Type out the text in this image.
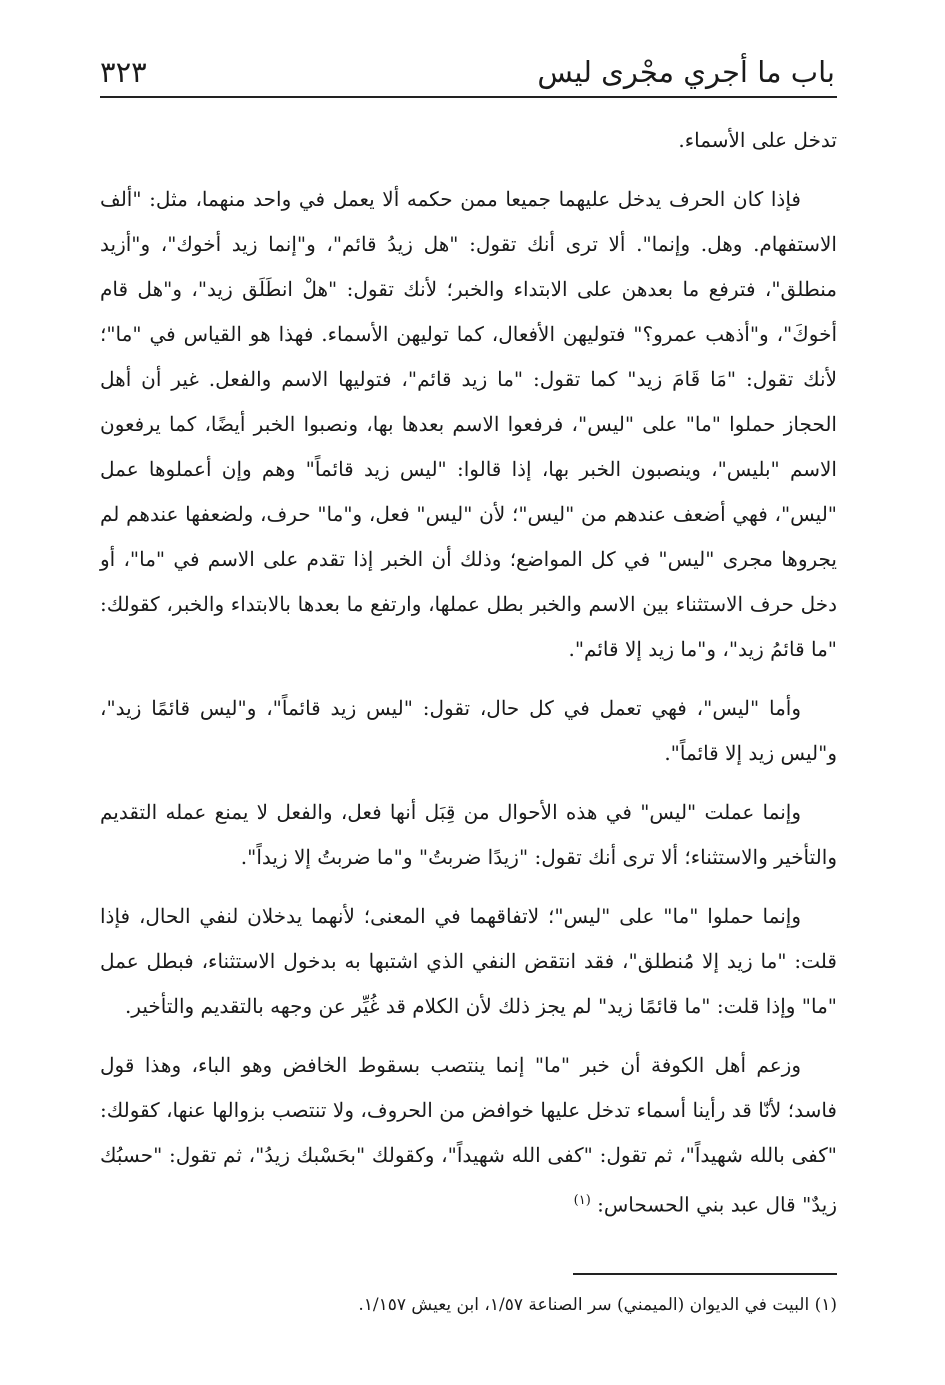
باب ما أجري مجْرى ليس
٣٢٣

تدخل على الأسماء.

فإذا كان الحرف يدخل عليهما جميعا ممن حكمه ألا يعمل في واحد منهما، مثل: "ألف الاستفهام. وهل. وإنما". ألا ترى أنك تقول: "هل زيدُ قائم"، و"إنما زيد أخوك"، و"أزيد منطلق"، فترفع ما بعدهن على الابتداء والخبر؛ لأنك تقول: "هلْ انطَلَق زيد"، و"هل قام أخوكَ"، و"أذهب عمرو؟" فتوليهن الأفعال، كما توليهن الأسماء. فهذا هو القياس في "ما"؛ لأنك تقول: "مَا قَامَ زيد" كما تقول: "ما زيد قائم"، فتوليها الاسم والفعل. غير أن أهل الحجاز حملوا "ما" على "ليس"، فرفعوا الاسم بعدها بها، ونصبوا الخبر أيضًا، كما يرفعون الاسم "بليس"، وينصبون الخبر بها، إذا قالوا: "ليس زيد قائماً" وهم وإن أعملوها عمل "ليس"، فهي أضعف عندهم من "ليس"؛ لأن "ليس" فعل، و"ما" حرف، ولضعفها عندهم لم يجروها مجرى "ليس" في كل المواضع؛ وذلك أن الخبر إذا تقدم على الاسم في "ما"، أو دخل حرف الاستثناء بين الاسم والخبر بطل عملها، وارتفع ما بعدها بالابتداء والخبر، كقولك: "ما قائمُ زيد"، و"ما زيد إلا قائم".

وأما "ليس"، فهي تعمل في كل حال، تقول: "ليس زيد قائماً"، و"ليس قائمًا زيد"، و"ليس زيد إلا قائماً".

وإنما عملت "ليس" في هذه الأحوال من قِبَل أنها فعل، والفعل لا يمنع عمله التقديم والتأخير والاستثناء؛ ألا ترى أنك تقول: "زيدًا ضربتُ" و"ما ضربتُ إلا زيداً".

وإنما حملوا "ما" على "ليس"؛ لاتفاقهما في المعنى؛ لأنهما يدخلان لنفي الحال، فإذا قلت: "ما زيد إلا مُنطلق"، فقد انتقض النفي الذي اشتبها به بدخول الاستثناء، فبطل عمل "ما" وإذا قلت: "ما قائمًا زيد" لم يجز ذلك لأن الكلام قد غُيِّر عن وجهه بالتقديم والتأخير.

وزعم أهل الكوفة أن خبر "ما" إنما ينتصب بسقوط الخافض وهو الباء، وهذا قول فاسد؛ لأنّا قد رأينا أسماء تدخل عليها خوافض من الحروف، ولا تنتصب بزوالها عنها، كقولك: "كفى بالله شهيداً"، ثم تقول: "كفى الله شهيداً"، وكقولك "بحَسْبك زيدُ"، ثم تقول: "حسبُك زيدٌ" قال عبد بني الحسحاس: $^{(١)}$

(١) البيت في الديوان (الميمني) سر الصناعة ١/٥٧، ابن يعيش ١/١٥٧.
